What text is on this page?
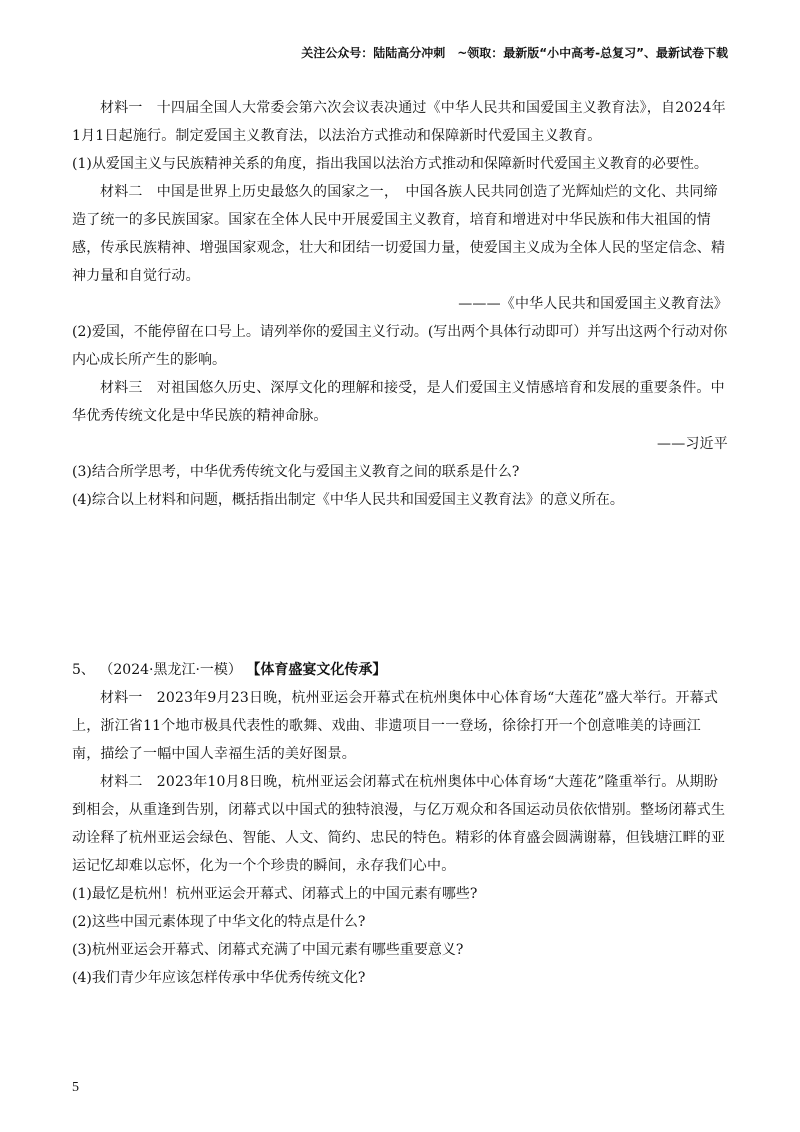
关注公众号：陆陆高分冲刺　~领取：最新版“小中高考-总复习”、最新试卷下载

材料一　十四届全国人大常委会第六次会议表决通过《中华人民共和国爱国主义教育法》，自2024年1月1日起施行。制定爱国主义教育法，以法治方式推动和保障新时代爱国主义教育。

(1)从爱国主义与民族精神关系的角度，指出我国以法治方式推动和保障新时代爱国主义教育的必要性。

材料二　中国是世界上历史最悠久的国家之一，　中国各族人民共同创造了光辉灿烂的文化、共同缔造了统一的多民族国家。国家在全体人民中开展爱国主义教育，培育和增进对中华民族和伟大祖国的情感，传承民族精神、增强国家观念，壮大和团结一切爱国力量，使爱国主义成为全体人民的坚定信念、精神力量和自觉行动。

———《中华人民共和国爱国主义教育法》

(2)爱国，不能停留在口号上。请列举你的爱国主义行动。(写出两个具体行动即可）并写出这两个行动对你内心成长所产生的影响。

材料三　对祖国悠久历史、深厚文化的理解和接受，是人们爱国主义情感培育和发展的重要条件。中华优秀传统文化是中华民族的精神命脉。

——习近平

(3)结合所学思考，中华优秀传统文化与爱国主义教育之间的联系是什么?

(4)综合以上材料和问题，概括指出制定《中华人民共和国爱国主义教育法》的意义所在。

5、 （2024·黑龙江·一模） 【体育盛宴文化传承】

材料一　2023年9月23日晚，杭州亚运会开幕式在杭州奥体中心体育场“大莲花”盛大举行。开幕式上，浙江省11个地市极具代表性的歌舞、戏曲、非遗项目一一登场，徐徐打开一个创意唯美的诗画江南，描绘了一幅中国人幸福生活的美好图景。

材料二　2023年10月8日晚，杭州亚运会闭幕式在杭州奥体中心体育场“大莲花”隆重举行。从期盼到相会，从重逢到告别，闭幕式以中国式的独特浪漫，与亿万观众和各国运动员依依惜别。整场闭幕式生动诠释了杭州亚运会绿色、智能、人文、简约、忠民的特色。精彩的体育盛会圆满谢幕，但钱塘江畔的亚运记忆却难以忘怀，化为一个个珍贵的瞬间，永存我们心中。

(1)最忆是杭州！杭州亚运会开幕式、闭幕式上的中国元素有哪些?

(2)这些中国元素体现了中华文化的特点是什么?

(3)杭州亚运会开幕式、闭幕式充满了中国元素有哪些重要意义?

(4)我们青少年应该怎样传承中华优秀传统文化?

5
